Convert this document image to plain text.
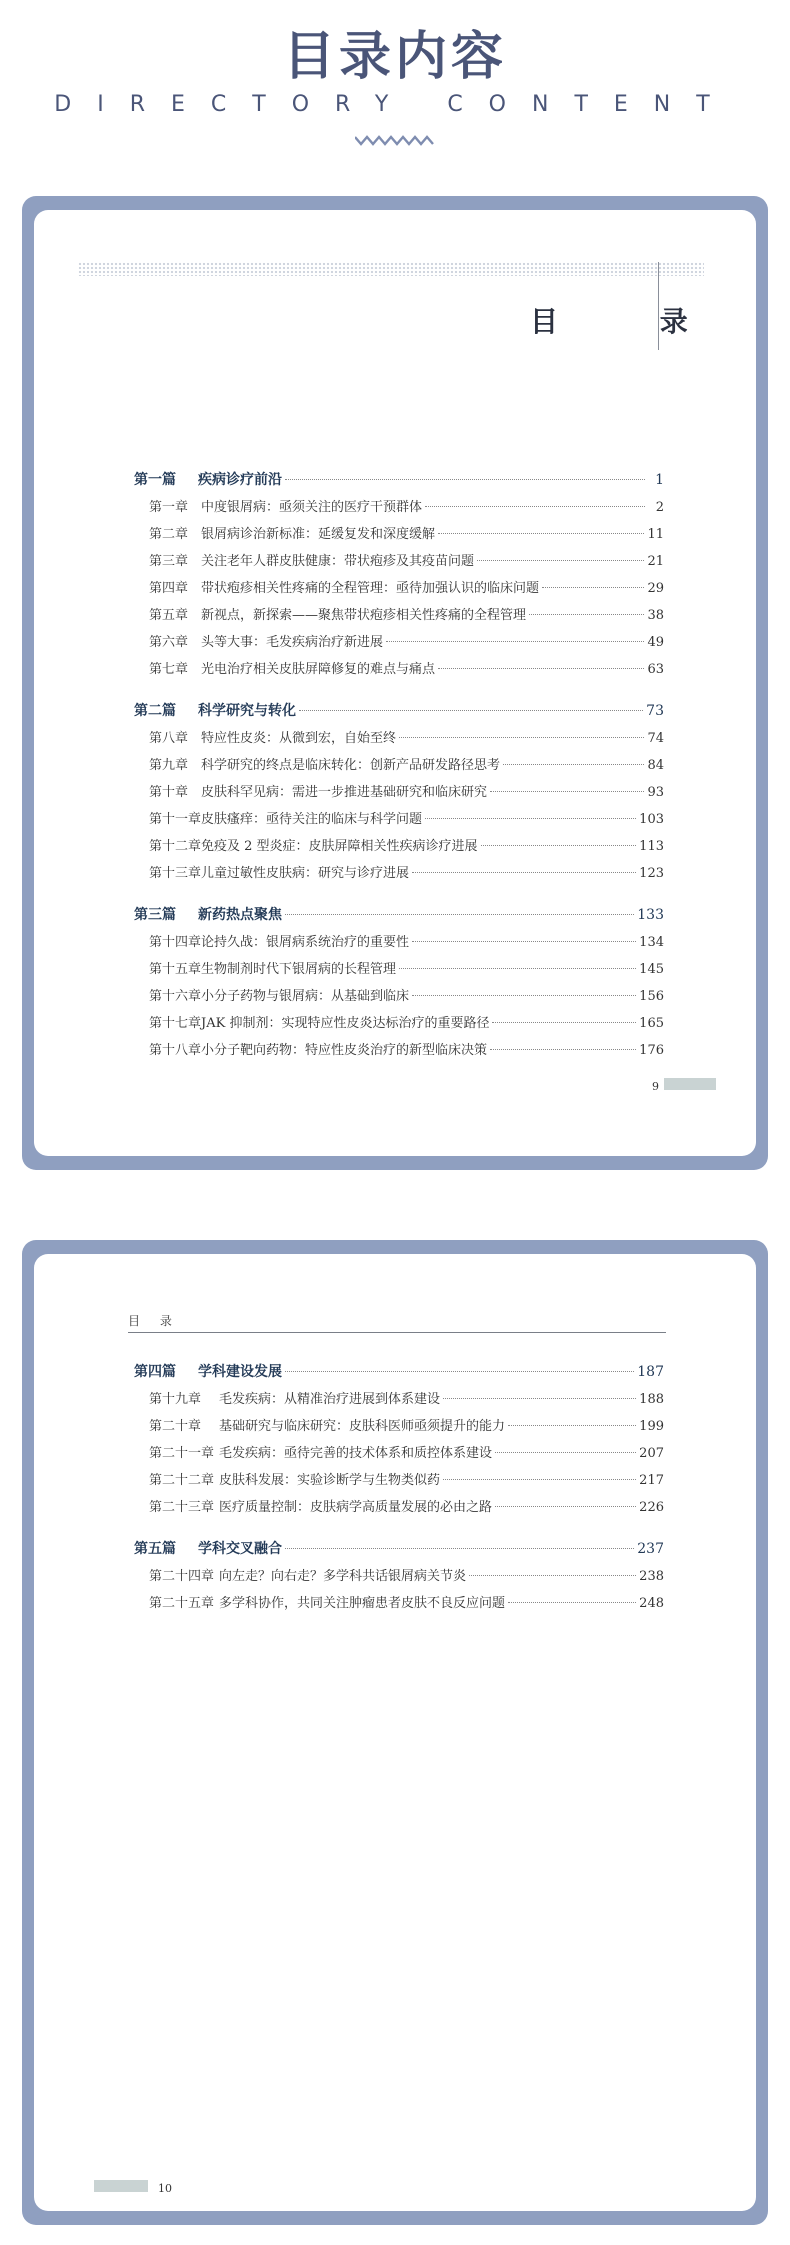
目录内容
DIRECTORY CONTENT
目 录
第一篇	疾病诊疗前沿	1
第一章 中度银屑病：亟须关注的医疗干预群体	2
第二章 银屑病诊治新标准：延缓复发和深度缓解	11
第三章 关注老年人群皮肤健康：带状疱疹及其疫苗问题	21
第四章 带状疱疹相关性疼痛的全程管理：亟待加强认识的临床问题	29
第五章 新视点，新探索——聚焦带状疱疹相关性疼痛的全程管理	38
第六章 头等大事：毛发疾病治疗新进展	49
第七章 光电治疗相关皮肤屏障修复的难点与痛点	63
第二篇	科学研究与转化	73
第八章 特应性皮炎：从微到宏，自始至终	74
第九章 科学研究的终点是临床转化：创新产品研发路径思考	84
第十章 皮肤科罕见病：需进一步推进基础研究和临床研究	93
第十一章 皮肤瘙痒：亟待关注的临床与科学问题	103
第十二章 免疫及 2 型炎症：皮肤屏障相关性疾病诊疗进展	113
第十三章 儿童过敏性皮肤病：研究与诊疗进展	123
第三篇	新药热点聚焦	133
第十四章 论持久战：银屑病系统治疗的重要性	134
第十五章 生物制剂时代下银屑病的长程管理	145
第十六章 小分子药物与银屑病：从基础到临床	156
第十七章 JAK 抑制剂：实现特应性皮炎达标治疗的重要路径	165
第十八章 小分子靶向药物：特应性皮炎治疗的新型临床决策	176
9
目 录
第四篇	学科建设发展	187
第十九章	毛发疾病：从精准治疗进展到体系建设	188
第二十章	基础研究与临床研究：皮肤科医师亟须提升的能力	199
第二十一章 毛发疾病：亟待完善的技术体系和质控体系建设	207
第二十二章 皮肤科发展：实验诊断学与生物类似药	217
第二十三章 医疗质量控制：皮肤病学高质量发展的必由之路	226
第五篇	学科交叉融合	237
第二十四章 向左走？向右走？多学科共话银屑病关节炎	238
第二十五章 多学科协作，共同关注肿瘤患者皮肤不良反应问题	248
10
